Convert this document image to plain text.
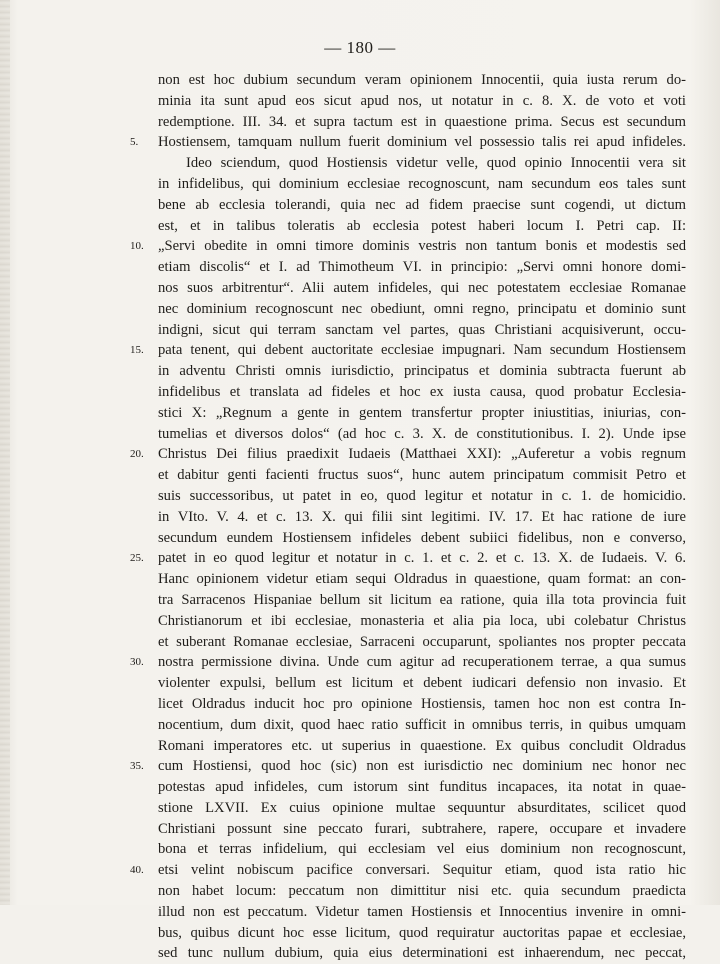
— 180 —
non est hoc dubium secundum veram opinionem Innocentii, quia iusta rerum do-
minia ita sunt apud eos sicut apud nos, ut notatur in c. 8. X. de voto et voti
redemptione. III. 34. et supra tactum est in quaestione prima. Secus est secundum
5.	Hostiensem, tamquam nullum fuerit dominium vel possessio talis rei apud infideles.
Ideo sciendum, quod Hostiensis videtur velle, quod opinio Innocentii vera sit
in infidelibus, qui dominium ecclesiae recognoscunt, nam secundum eos tales sunt
bene ab ecclesia tolerandi, quia nec ad fidem praecise sunt cogendi, ut dictum
est, et in talibus toleratis ab ecclesia potest haberi locum I. Petri cap. II:
10. „Servi obedite in omni timore dominis vestris non tantum bonis et modestis sed
etiam discolis“ et I. ad Thimotheum VI. in principio: „Servi omni honore domi-
nos suos arbitrentur“. Alii autem infideles, qui nec potestatem ecclesiae Romanae
nec dominium recognoscunt nec obediunt, omni regno, principatu et dominio sunt
indigni, sicut qui terram sanctam vel partes, quas Christiani acquisiverunt, occu-
15. pata tenent, qui debent auctoritate ecclesiae impugnari. Nam secundum Hostiensem
in adventu Christi omnis iurisdictio, principatus et dominia subtracta fuerunt ab
infidelibus et translata ad fideles et hoc ex iusta causa, quod probatur Ecclesia-
stici X: „Regnum a gente in gentem transfertur propter iniustitias, iniurias, con-
tumelias et diversos dolos“ (ad hoc c. 3. X. de constitutionibus. I. 2). Unde ipse
20. Christus Dei filius praedixit Iudaeis (Matthaei XXI): „Auferetur a vobis regnum
et dabitur genti facienti fructus suos“, hunc autem principatum commisit Petro et
suis successoribus, ut patet in eo, quod legitur et notatur in c. 1. de homicidio.
in VIto. V. 4. et c. 13. X. qui filii sint legitimi. IV. 17. Et hac ratione de iure
secundum eundem Hostiensem infideles debent subiici fidelibus, non e converso,
25. patet in eo quod legitur et notatur in c. 1. et c. 2. et c. 13. X. de Iudaeis. V. 6.
Hanc opinionem videtur etiam sequi Oldradus in quaestione, quam format: an con-
tra Sarracenos Hispaniae bellum sit licitum ea ratione, quia illa tota provincia fuit
Christianorum et ibi ecclesiae, monasteria et alia pia loca, ubi colebatur Christus
et suberant Romanae ecclesiae, Sarraceni occuparunt, spoliantes nos propter peccata
30. nostra permissione divina. Unde cum agitur ad recuperationem terrae, a qua sumus
violenter expulsi, bellum est licitum et debent iudicari defensio non invasio. Et
licet Oldradus inducit hoc pro opinione Hostiensis, tamen hoc non est contra In-
nocentium, dum dixit, quod haec ratio sufficit in omnibus terris, in quibus umquam
Romani imperatores etc. ut superius in quaestione. Ex quibus concludit Oldradus
35. cum Hostiensi, quod hoc (sic) non est iurisdictio nec dominium nec honor nec
potestas apud infideles, cum istorum sint funditus incapaces, ita notat in quae-
stione LXVII. Ex cuius opinione multae sequuntur absurditates, scilicet quod
Christiani possunt sine peccato furari, subtrahere, rapere, occupare et invadere
bona et terras infidelium, qui ecclesiam vel eius dominium non recognoscunt,
40. etsi velint nobiscum pacifice conversari. Sequitur etiam, quod ista ratio hic
non habet locum: peccatum non dimittitur nisi etc. quia secundum praedicta
illud non est peccatum. Videtur tamen Hostiensis et Innocentius invenire in omni-
bus, quibus dicunt hoc esse licitum, quod requiratur auctoritas papae et ecclesiae,
sed tunc nullum dubium, quia eius determinationi est inhaerendum, nec peccat,
